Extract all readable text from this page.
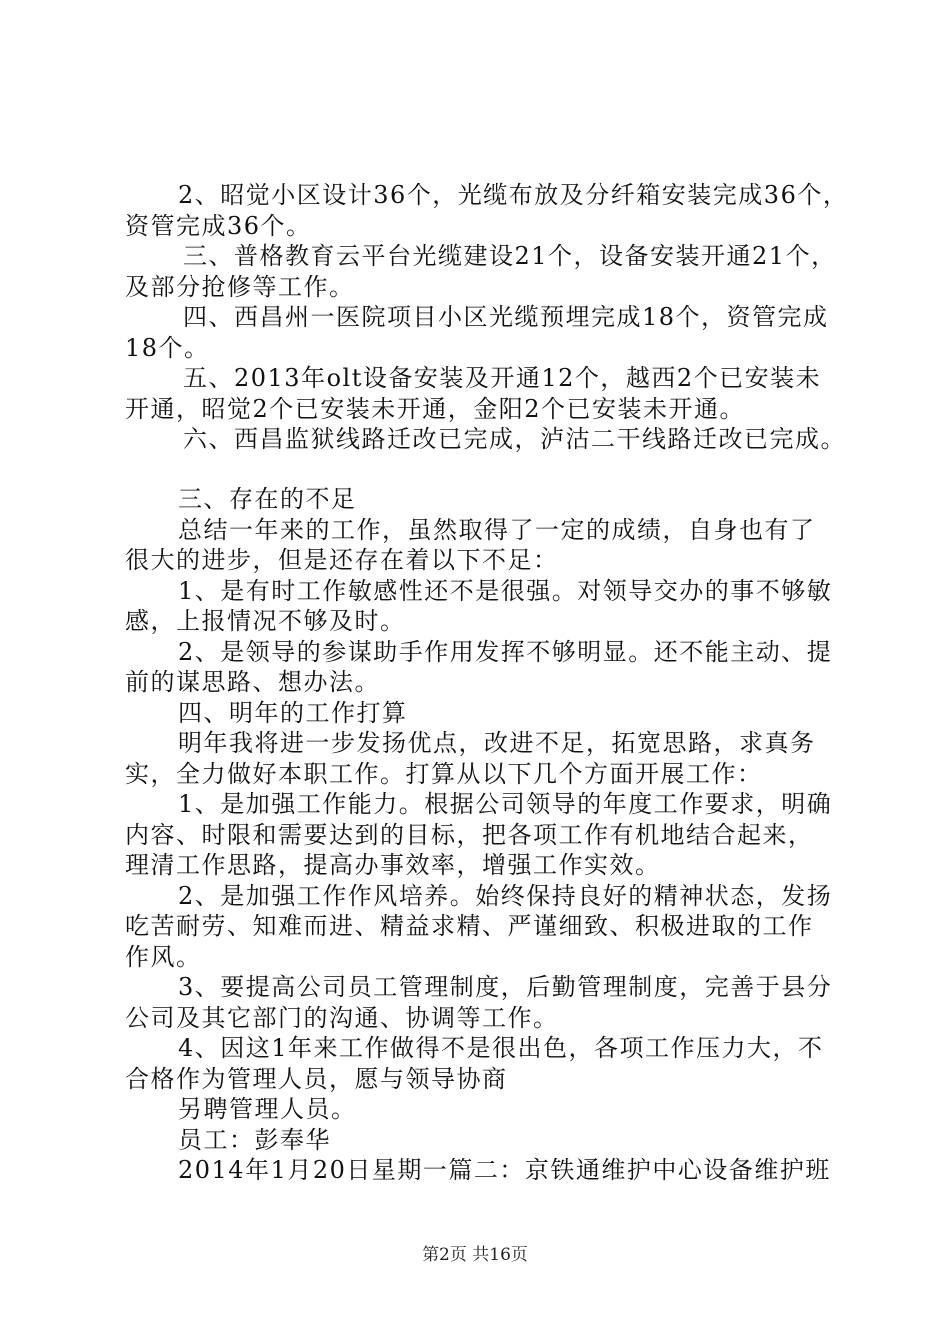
2、昭觉小区设计36个，光缆布放及分纤箱安装完成36个，
资管完成36个。
三、普格教育云平台光缆建设21个，设备安装开通21个，
及部分抢修等工作。
四、西昌州一医院项目小区光缆预埋完成18个，资管完成
18个。
五、2013年olt设备安装及开通12个，越西2个已安装未
开通，昭觉2个已安装未开通，金阳2个已安装未开通。
六、西昌监狱线路迁改已完成，泸沽二干线路迁改已完成。
三、存在的不足
总结一年来的工作，虽然取得了一定的成绩，自身也有了
很大的进步，但是还存在着以下不足：
1、是有时工作敏感性还不是很强。对领导交办的事不够敏
感，上报情况不够及时。
2、是领导的参谋助手作用发挥不够明显。还不能主动、提
前的谋思路、想办法。
四、明年的工作打算
明年我将进一步发扬优点，改进不足，拓宽思路，求真务
实，全力做好本职工作。打算从以下几个方面开展工作：
1、是加强工作能力。根据公司领导的年度工作要求，明确
内容、时限和需要达到的目标，把各项工作有机地结合起来，
理清工作思路，提高办事效率，增强工作实效。
2、是加强工作作风培养。始终保持良好的精神状态，发扬
吃苦耐劳、知难而进、精益求精、严谨细致、积极进取的工作
作风。
3、要提高公司员工管理制度，后勤管理制度，完善于县分
公司及其它部门的沟通、协调等工作。
4、因这1年来工作做得不是很出色，各项工作压力大，不
合格作为管理人员，愿与领导协商
另聘管理人员。
员工：彭奉华
2014年1月20日星期一篇二：京铁通维护中心设备维护班
第2页 共16页
